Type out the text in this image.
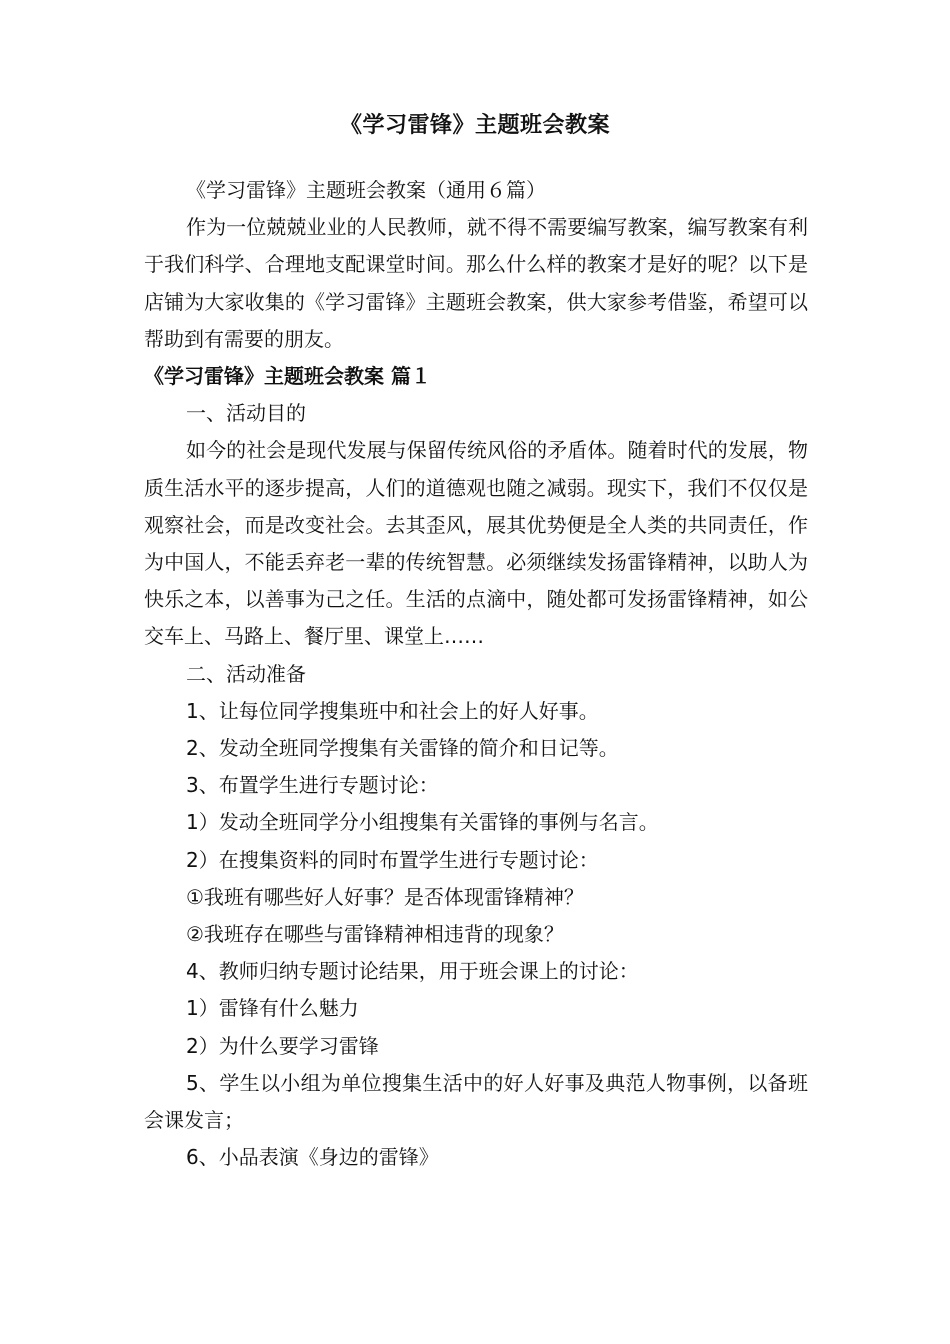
《学习雷锋》主题班会教案

《学习雷锋》主题班会教案（通用６篇）

作为一位兢兢业业的人民教师，就不得不需要编写教案，编写教案有利于我们科学、合理地支配课堂时间。那么什么样的教案才是好的呢？以下是店铺为大家收集的《学习雷锋》主题班会教案，供大家参考借鉴，希望可以帮助到有需要的朋友。

《学习雷锋》主题班会教案 篇１

一、活动目的

如今的社会是现代发展与保留传统风俗的矛盾体。随着时代的发展，物质生活水平的逐步提高，人们的道德观也随之减弱。现实下，我们不仅仅是观察社会，而是改变社会。去其歪风，展其优势便是全人类的共同责任，作为中国人，不能丢弃老一辈的传统智慧。必须继续发扬雷锋精神，以助人为快乐之本，以善事为己之任。生活的点滴中，随处都可发扬雷锋精神，如公交车上、马路上、餐厅里、课堂上……

二、活动准备

1、让每位同学搜集班中和社会上的好人好事。

2、发动全班同学搜集有关雷锋的简介和日记等。

3、布置学生进行专题讨论：

1）发动全班同学分小组搜集有关雷锋的事例与名言。

2）在搜集资料的同时布置学生进行专题讨论：

①我班有哪些好人好事？是否体现雷锋精神？

②我班存在哪些与雷锋精神相违背的现象？

4、教师归纳专题讨论结果，用于班会课上的讨论：

1）雷锋有什么魅力

2）为什么要学习雷锋

5、学生以小组为单位搜集生活中的好人好事及典范人物事例，以备班会课发言；

6、小品表演《身边的雷锋》
